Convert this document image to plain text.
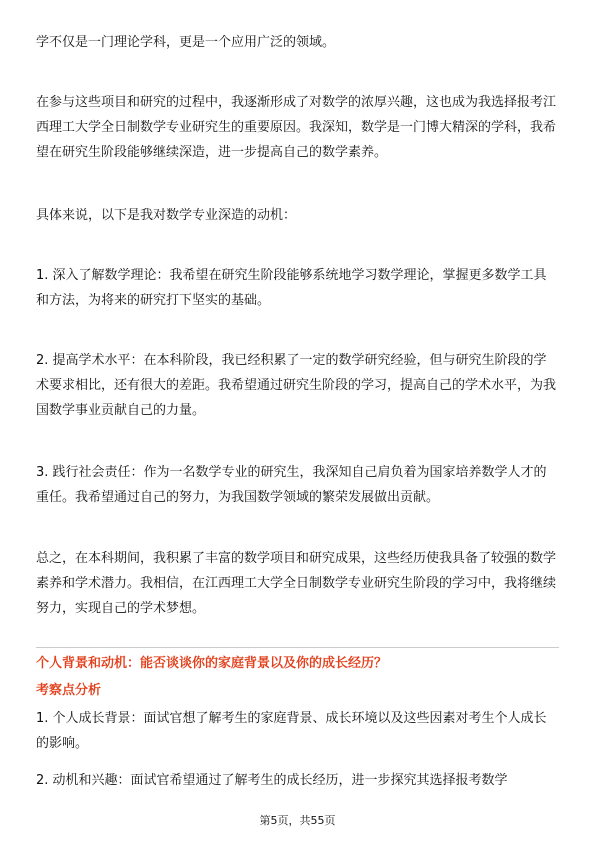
学不仅是一门理论学科，更是一个应用广泛的领域。

在参与这些项目和研究的过程中，我逐渐形成了对数学的浓厚兴趣，这也成为我选择报考江西理工大学全日制数学专业研究生的重要原因。我深知，数学是一门博大精深的学科，我希望在研究生阶段能够继续深造，进一步提高自己的数学素养。

具体来说，以下是我对数学专业深造的动机：

1. 深入了解数学理论：我希望在研究生阶段能够系统地学习数学理论，掌握更多数学工具和方法，为将来的研究打下坚实的基础。

2. 提高学术水平：在本科阶段，我已经积累了一定的数学研究经验，但与研究生阶段的学术要求相比，还有很大的差距。我希望通过研究生阶段的学习，提高自己的学术水平，为我国数学事业贡献自己的力量。

3. 践行社会责任：作为一名数学专业的研究生，我深知自己肩负着为国家培养数学人才的重任。我希望通过自己的努力，为我国数学领域的繁荣发展做出贡献。

总之，在本科期间，我积累了丰富的数学项目和研究成果，这些经历使我具备了较强的数学素养和学术潜力。我相信，在江西理工大学全日制数学专业研究生阶段的学习中，我将继续努力，实现自己的学术梦想。

个人背景和动机：能否谈谈你的家庭背景以及你的成长经历？

考察点分析

1. 个人成长背景：面试官想了解考生的家庭背景、成长环境以及这些因素对考生个人成长的影响。

2. 动机和兴趣：面试官希望通过了解考生的成长经历，进一步探究其选择报考数学

第5页，共55页
